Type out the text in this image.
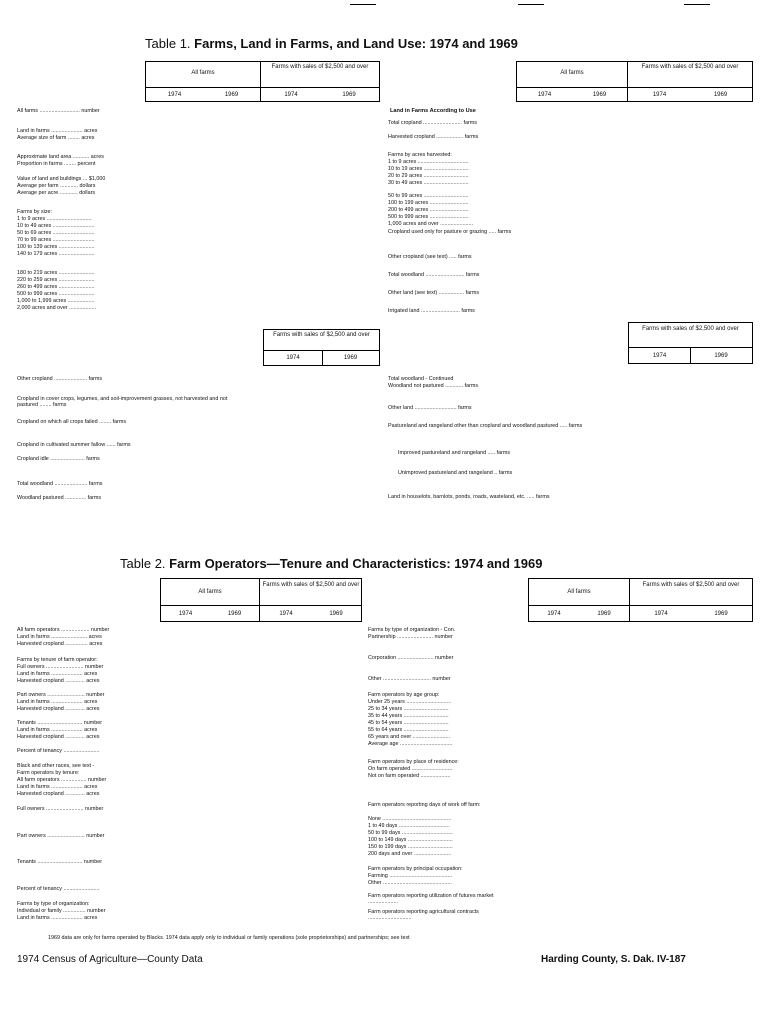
Table 1. Farms, Land in Farms, and Land Use: 1974 and 1969
All farms
Farms with sales of $2,500 and over
1974	1969	1974	1969
All farms
Farms with sales of $2,500 and over
1974	1969	1974	1969
All farms ........................... number
Land in farms ..................... acres
Average size of farm ........ acres
Approximate land area ........... acres
Proportion in farms ........ percent
Value of land and buildings ... $1,000
Average per farm ............ dollars
Average per acre ............ dollars
Farms by size:
1 to 9 acres ..............................
10 to 49 acres ............................
50 to 69 acres ............................
70 to 99 acres ............................
100 to 139 acres ........................
140 to 179 acres ........................
180 to 219 acres ........................
220 to 259 acres ........................
260 to 499 acres ........................
500 to 999 acres ........................
1,000 to 1,999 acres ..................
2,000 acres and over ..................
Other cropland ...................... farms
Cropland in cover crops, legumes, and soil-improvement grasses, not harvested and not pastured ........ farms
Cropland on which all crops failed ........ farms
Cropland in cultivated summer fallow ...... farms
Cropland idle ....................... farms
Total woodland ...................... farms
Woodland pastured .............. farms
Land in Farms According to Use
Total cropland .......................... farms
Harvested cropland .................. farms
Farms by acres harvested:
1 to 9 acres ..................................
10 to 19 acres ..............................
20 to 29 acres ..............................
30 to 49 acres ..............................
50 to 99 acres ..............................
100 to 199 acres ..........................
200 to 499 acres ..........................
500 to 999 acres ..........................
1,000 acres and over ......................
Cropland used only for pasture or grazing ..... farms
Other cropland (see text) ..... farms
Total woodland .......................... farms
Other land (see text) ................. farms
Irrigated land .......................... farms
Farms with sales of $2,500 and over
1974	1969
Farms with sales of $2,500 and over
1974	1969
Total woodland - Continued
Woodland not pastured ............ farms
Other land ............................ farms
Pastureland and rangeland other than cropland and woodland pastured ..... farms
Improved pastureland and rangeland ..... farms
Unimproved pastureland and rangeland .. farms
Land in houselots, barnlots, ponds, roads, wasteland, etc. ..... farms
Table 2. Farm Operators—Tenure and Characteristics: 1974 and 1969
All farms
Farms with sales of $2,500 and over
1974	1969	1974	1969
All farms
Farms with sales of $2,500 and over
1974	1969	1974	1969
All farm operators ................... number
Land in farms ........................ acres
Harvested cropland ............... acres
Farms by tenure of farm operator:
Full owners ......................... number
Land in farms ..................... acres
Harvested cropland ............. acres
Part owners ......................... number
Land in farms ..................... acres
Harvested cropland ............. acres
Tenants .............................. number
Land in farms ..................... acres
Harvested cropland ............. acres
Percent of tenancy ........................
Black and other races, see text -
Farm operators by tenure:
All farm operators ................. number
Land in farms ..................... acres
Harvested cropland ............. acres
Full owners ......................... number
Part owners ......................... number
Tenants .............................. number
Percent of tenancy ........................
Farms by type of organization:
Individual or family ............... number
Land in farms ..................... acres
Farms by type of organization - Con.
Partnership ........................ number
Corporation ........................ number
Other ................................ number
Farm operators by age group:
Under 25 years ..............................
25 to 34 years ..............................
35 to 44 years ..............................
45 to 54 years ..............................
55 to 64 years ..............................
65 years and over .........................
Average age ...................................
Farm operators by place of residence:
On farm operated ...........................
Not on farm operated ....................
Farm operators reporting days of work off farm:
None ..............................................
1 to 49 days ..................................
50 to 99 days ..................................
100 to 149 days ..............................
150 to 199 days ..............................
200 days and over .........................
Farm operators by principal occupation:
Farming ..........................................
Other ..............................................
Farm operators reporting utilization of futures market ....................
Farm operators reporting agricultural contracts .............................
1969 data are only for farms operated by Blacks. 1974 data apply only to individual or family operations (sole proprietorships) and partnerships; see text
1974 Census of Agriculture—County Data	Harding County, S. Dak. IV-187
